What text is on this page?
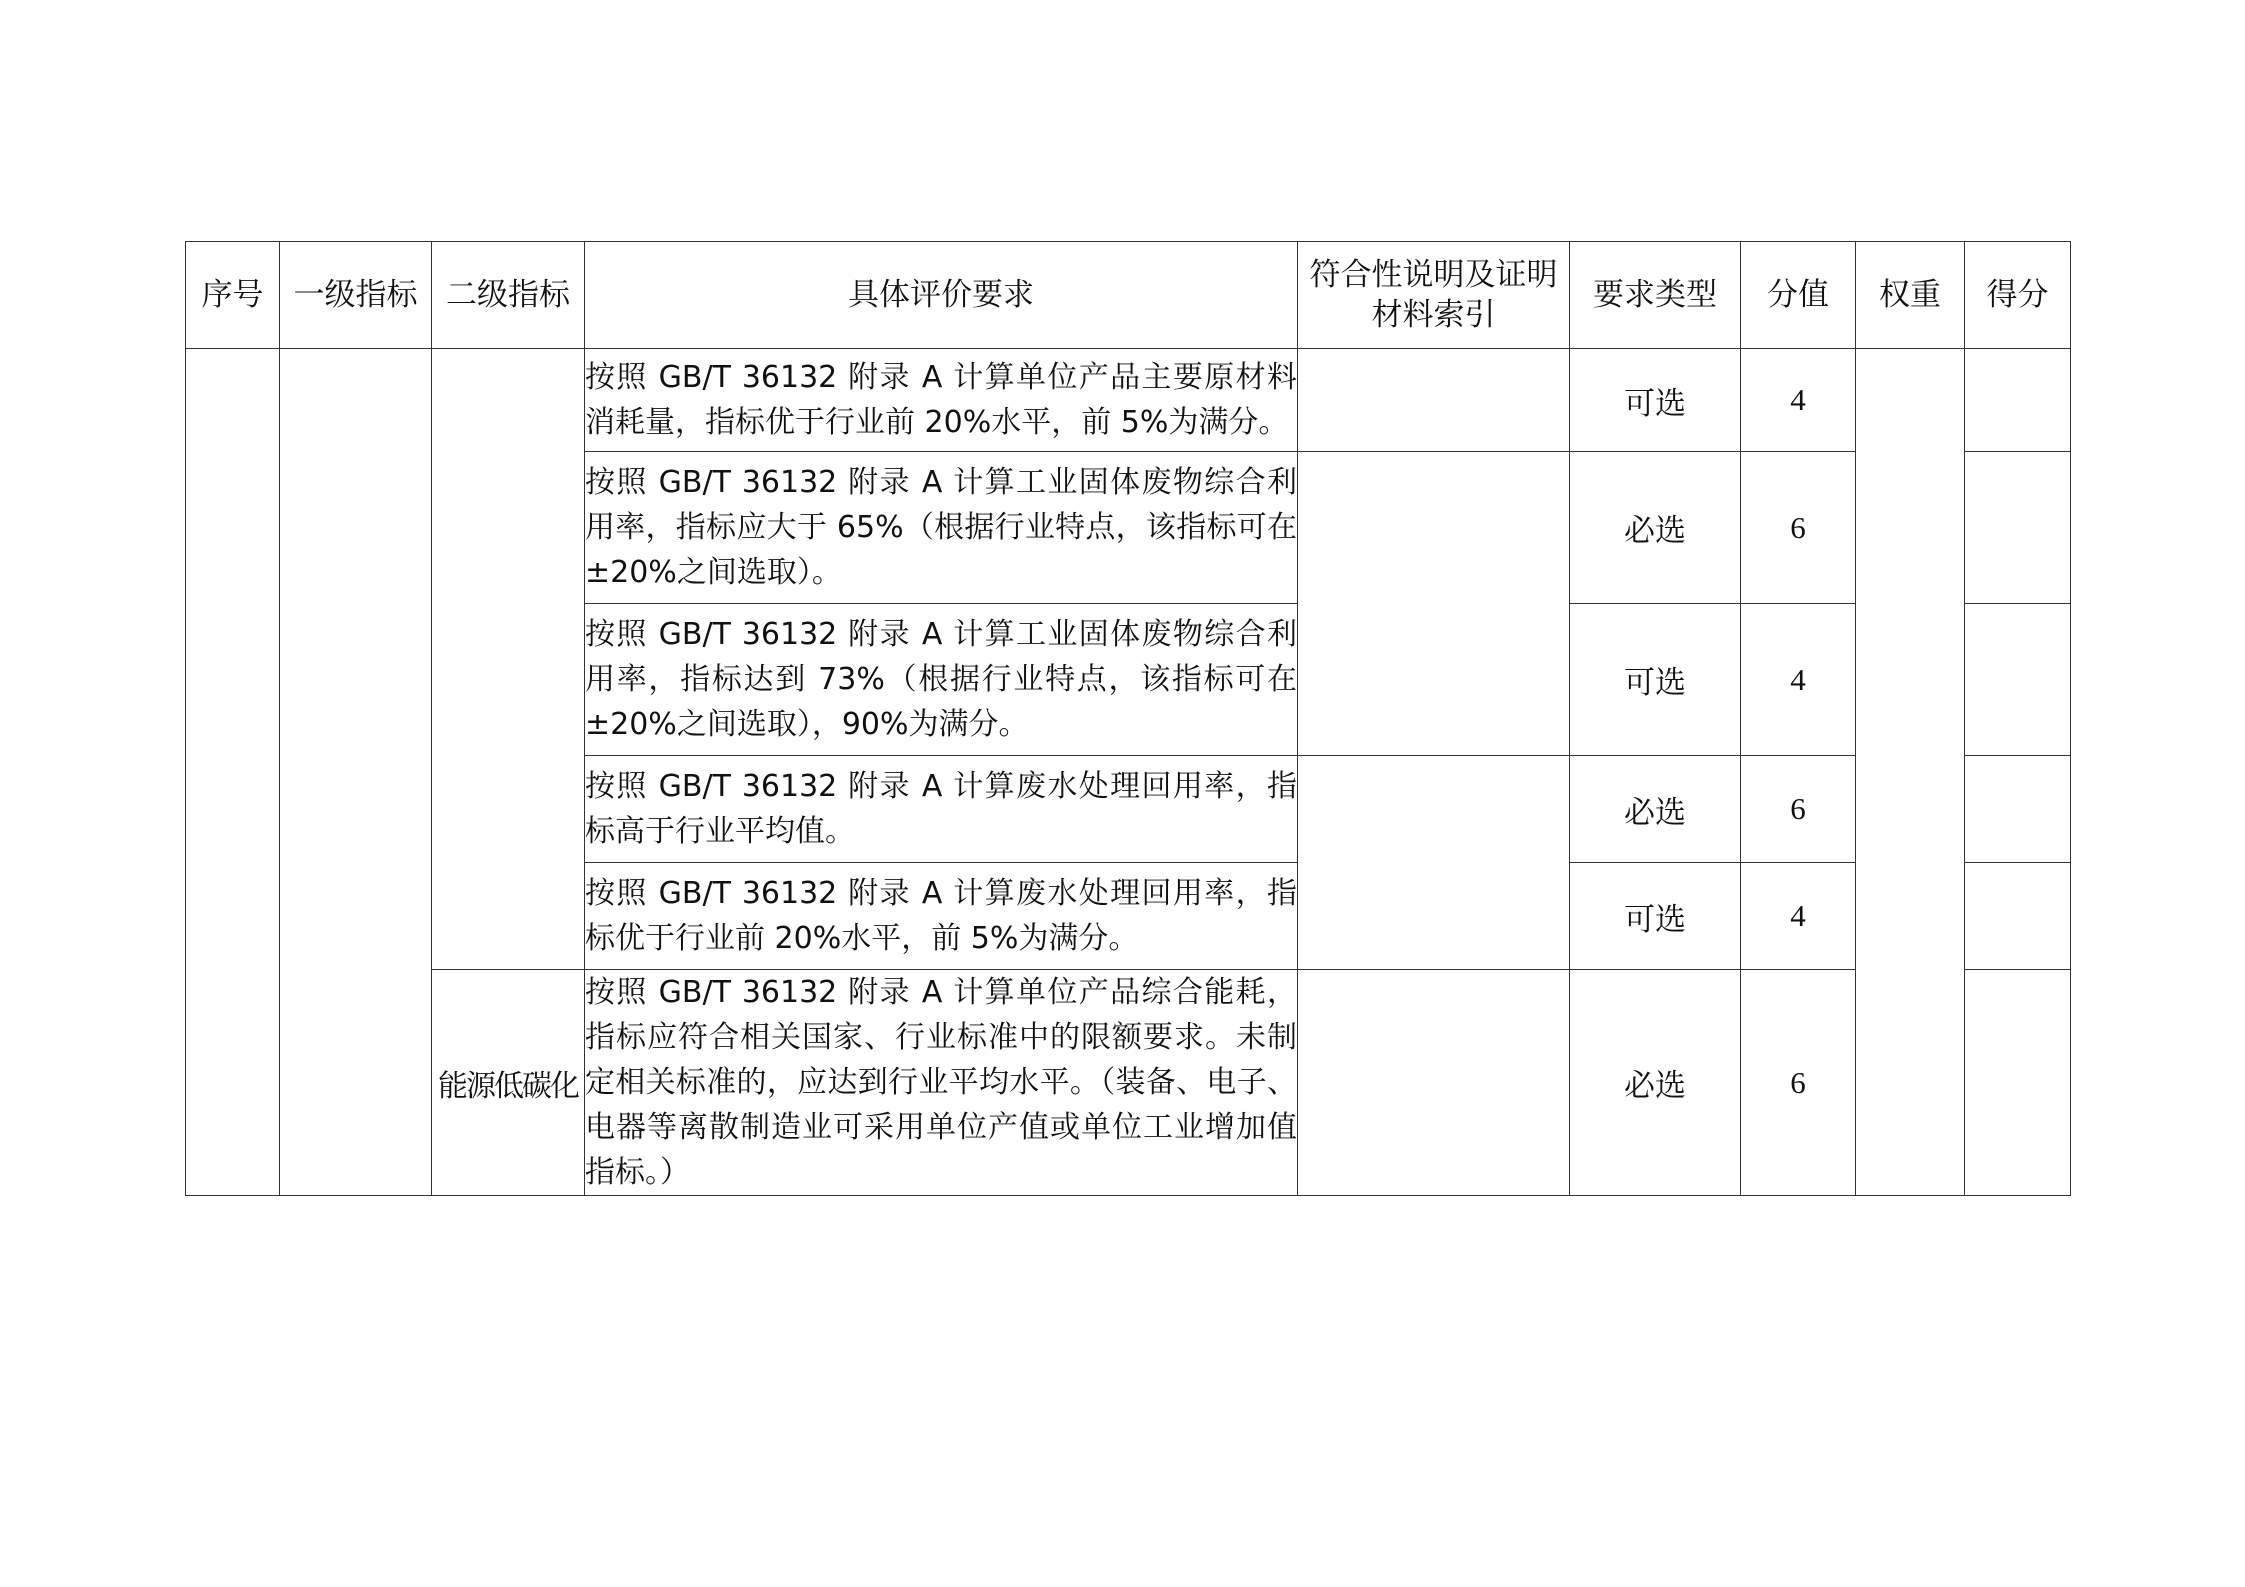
序号	一级指标	二级指标	具体评价要求	符合性说明及证明材料索引	要求类型	分值	权重	得分
			按照 GB/T 36132 附录 A 计算单位产品主要原材料消耗量，指标优于行业前 20%水平，前 5%为满分。		可选	4		
			按照 GB/T 36132 附录 A 计算工业固体废物综合利用率，指标应大于 65%（根据行业特点，该指标可在±20%之间选取）。		必选	6		
			按照 GB/T 36132 附录 A 计算工业固体废物综合利用率，指标达到 73%（根据行业特点，该指标可在±20%之间选取），90%为满分。		可选	4		
			按照 GB/T 36132 附录 A 计算废水处理回用率，指标高于行业平均值。		必选	6		
			按照 GB/T 36132 附录 A 计算废水处理回用率，指标优于行业前 20%水平，前 5%为满分。		可选	4		
		能源低碳化	按照 GB/T 36132 附录 A 计算单位产品综合能耗，指标应符合相关国家、行业标准中的限额要求。未制定相关标准的，应达到行业平均水平。（装备、电子、电器等离散制造业可采用单位产值或单位工业增加值指标。）		必选	6		
